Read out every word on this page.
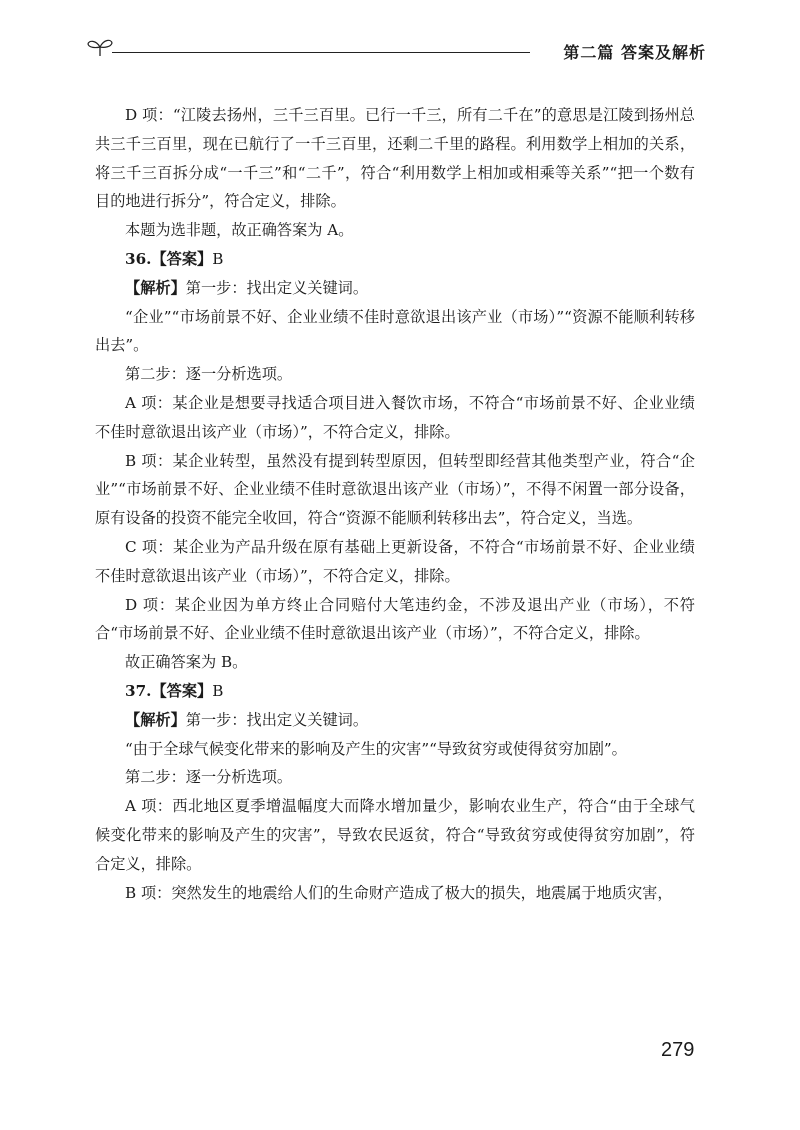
第二篇 答案及解析

D 项：“江陵去扬州，三千三百里。已行一千三，所有二千在”的意思是江陵到扬州总共三千三百里，现在已航行了一千三百里，还剩二千里的路程。利用数学上相加的关系，将三千三百拆分成“一千三”和“二千”，符合“利用数学上相加或相乘等关系”“把一个数有目的地进行拆分”，符合定义，排除。

本题为选非题，故正确答案为 A。

36.【答案】B

【解析】第一步：找出定义关键词。

“企业”“市场前景不好、企业业绩不佳时意欲退出该产业（市场）”“资源不能顺利转移出去”。

第二步：逐一分析选项。

A 项：某企业是想要寻找适合项目进入餐饮市场，不符合“市场前景不好、企业业绩不佳时意欲退出该产业（市场）”，不符合定义，排除。

B 项：某企业转型，虽然没有提到转型原因，但转型即经营其他类型产业，符合“企业”“市场前景不好、企业业绩不佳时意欲退出该产业（市场）”，不得不闲置一部分设备，原有设备的投资不能完全收回，符合“资源不能顺利转移出去”，符合定义，当选。

C 项：某企业为产品升级在原有基础上更新设备，不符合“市场前景不好、企业业绩不佳时意欲退出该产业（市场）”，不符合定义，排除。

D 项：某企业因为单方终止合同赔付大笔违约金，不涉及退出产业（市场），不符合“市场前景不好、企业业绩不佳时意欲退出该产业（市场）”，不符合定义，排除。

故正确答案为 B。

37.【答案】B

【解析】第一步：找出定义关键词。

“由于全球气候变化带来的影响及产生的灾害”“导致贫穷或使得贫穷加剧”。

第二步：逐一分析选项。

A 项：西北地区夏季增温幅度大而降水增加量少，影响农业生产，符合“由于全球气候变化带来的影响及产生的灾害”，导致农民返贫，符合“导致贫穷或使得贫穷加剧”，符合定义，排除。

B 项：突然发生的地震给人们的生命财产造成了极大的损失，地震属于地质灾害，

279
